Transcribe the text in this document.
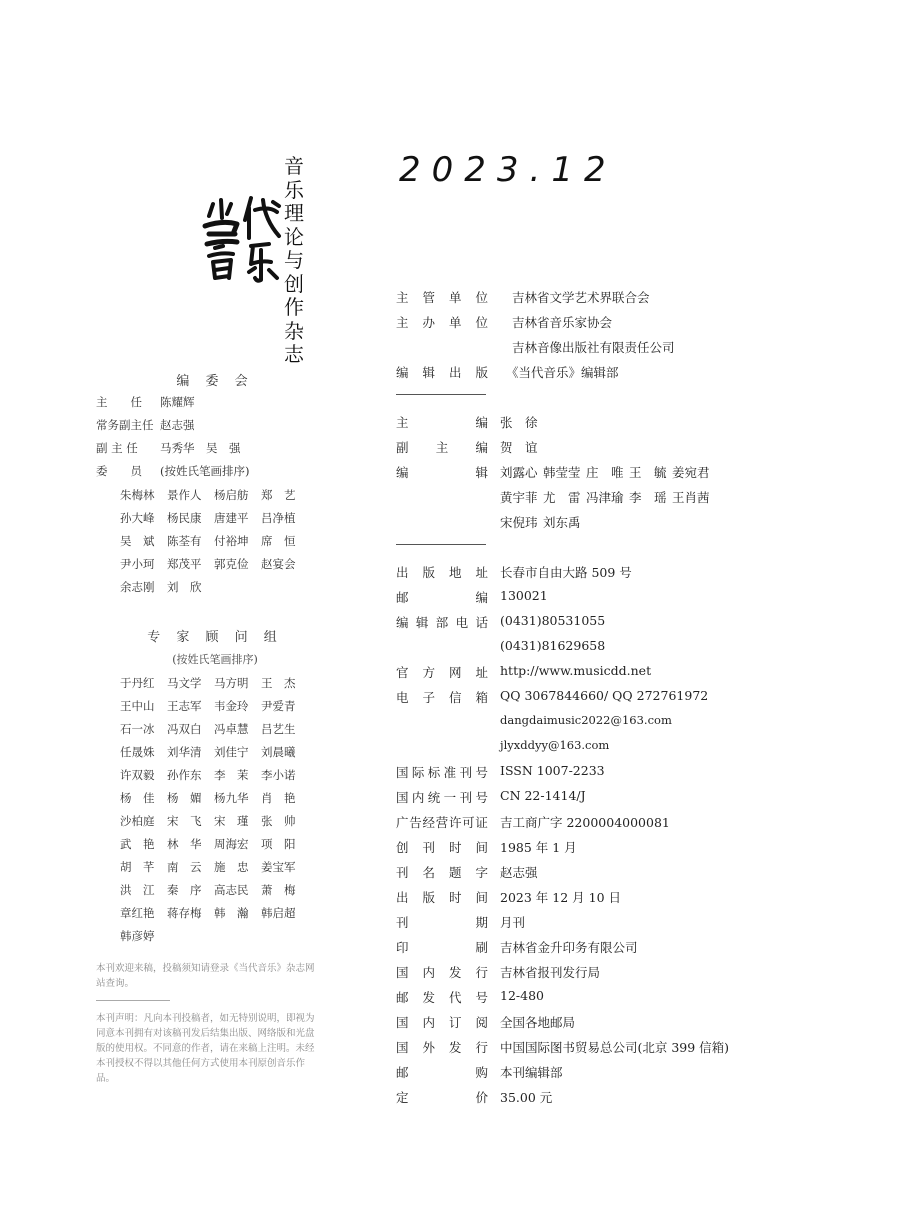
音乐理论与创作杂志
2023.12
编 委 会
主　　任 陈耀辉
常务副主任 赵志强
副 主 任 马秀华　吴　强
委　　员 (按姓氏笔画排序)
朱梅林 景作人 杨启舫 郑　艺
孙大峰 杨民康 唐建平 吕净植
吴　斌 陈荃有 付裕坤 席　恒
尹小珂 郑茂平 郭克俭 赵宴会
余志刚 刘　欣
专 家 顾 问 组
(按姓氏笔画排序)
于丹红 马文学 马方明 王　杰
王中山 王志军 韦金玲 尹爱青
石一冰 冯双白 冯卓慧 吕艺生
任晟姝 刘华清 刘佳宁 刘晨曦
许双毅 孙作东 李　茉 李小诺
杨　佳 杨　媚 杨九华 肖　艳
沙柏庭 宋　飞 宋　瑾 张　帅
武　艳 林　华 周海宏 项　阳
胡　芊 南　云 施　忠 姜宝军
洪　江 秦　序 高志民 萧　梅
章红艳 蒋存梅 韩　瀚 韩启超
韩彦婷
本刊欢迎来稿，投稿须知请登录《当代音乐》杂志网站查询。
本刊声明：凡向本刊投稿者，如无特别说明，即视为同意本刊拥有对该稿刊发后结集出版、网络版和光盘版的使用权。不同意的作者，请在来稿上注明。未经本刊授权不得以其他任何方式使用本刊原创音乐作品。
主 管 单 位 吉林省文学艺术界联合会
主 办 单 位 吉林省音乐家协会
吉林音像出版社有限责任公司
编 辑 出 版 《当代音乐》编辑部
主	编 张　徐
副 主 编 贺　谊
编	辑 刘露心 韩莹莹 庄　唯 王　毓 姜宛君
黄宇菲 尤　雷 冯津瑜 李　瑶 王肖茜
宋倪玮 刘东禹
出 版 地 址 长春市自由大路 509 号
邮	编 130021
编 辑 部 电 话 (0431)80531055
(0431)81629658
官 方 网 址 http://www.musicdd.net
电 子 信 箱 QQ 3067844660/ QQ 272761972
dangdaimusic2022@163.com
jlyxddyy@163.com
国 际 标 准 刊 号 ISSN 1007-2233
国 内 统 一 刊 号 CN 22-1414/J
广 告 经 营 许 可 证 吉工商广字 2200004000081
创 刊 时 间 1985 年 1 月
刊 名 题 字 赵志强
出 版 时 间 2023 年 12 月 10 日
刊	期 月刊
印	刷 吉林省金升印务有限公司
国 内 发 行 吉林省报刊发行局
邮 发 代 号 12-480
国 内 订 阅 全国各地邮局
国 外 发 行 中国国际图书贸易总公司(北京 399 信箱)
邮	购 本刊编辑部
定	价 35.00 元
